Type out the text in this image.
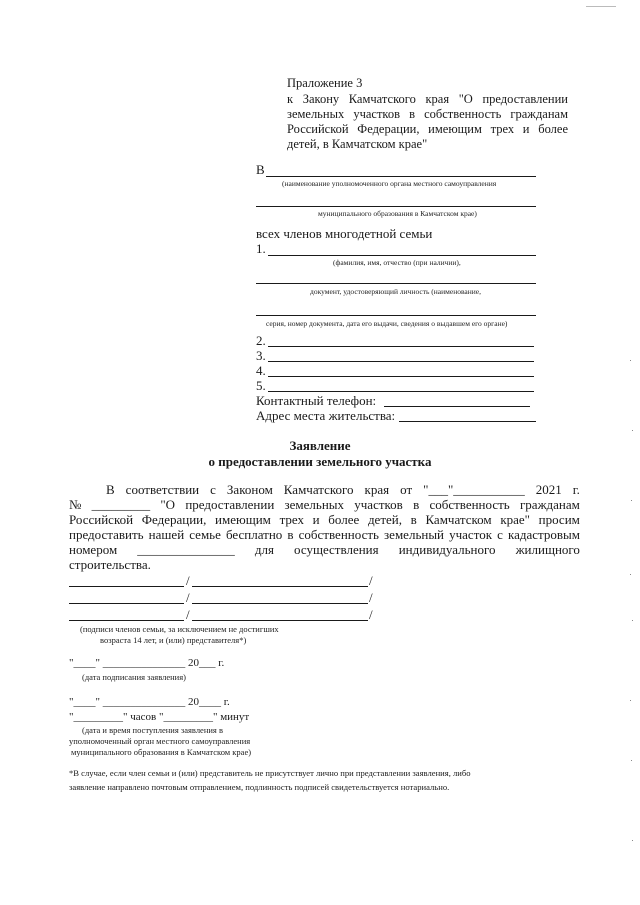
Прaложение 3
к Закону Камчатского края "О предоставлении
земельных участков в собственность гражданам
Российской Федерации, имеющим трех и более
детей, в Камчатском крае"
В
(наименование уполномоченного органа местного самоуправления
муниципального образования в Камчатском крае)
всех членов многодетной семьи
1.
(фамилия, имя, отчество (при наличии),
документ, удостоверяющий личность (наименование,
серия, номер документа, дата его выдачи, сведения о выдавшем его органе)
2.
3.
4.
5.
Контактный телефон:
Адрес места жительства:
Заявление
о предоставлении земельного участка
В соответствии с Законом Камчатского края от "___"___________ 2021 г.
№ _________ "О предоставлении земельных участков в собственность гражданам
Российской Федерации, имеющим трех и более детей, в Камчатском крае" просим
предоставить нашей семье бесплатно в собственность земельный участок с кадастровым
номером _______________ для осуществления индивидуального жилищного
строительства.
/	/
/	/
/	/
(подписи членов семьи, за исключением не достигших
возраста 14 лет, и (или) представителя*)
"____" _______________ 20___ г.
(дата подписания заявления)
"____" _______________ 20____ г.
"_________" часов "_________" минут
(дата и время поступления заявления в
уполномоченный орган местного самоуправления
муниципального образования в Камчатском крае)
*В случае, если член семьи и (или) представитель не присутствует лично при представлении заявления, либо
заявление направлено почтовым отправлением, подлинность подписей свидетельствуется нотариально.
